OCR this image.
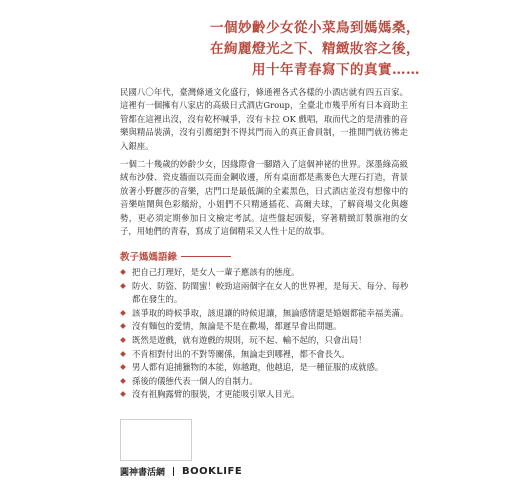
一個妙齡少女從小菜鳥到媽媽桑，
在絢麗燈光之下、精緻妝容之後，
用十年青春寫下的真實……

民國八〇年代，臺灣條通文化盛行，條通裡各式各樣的小酒店就有四五百家。這裡有一個擁有八家店的高級日式酒店Group，全臺北市幾乎所有日本商助主管都在這裡出沒，沒有乾杯喊爭，沒有卡拉 OK 戲唱，取而代之的是清雅的音樂與精品裝潢，沒有引薦絕對不得其門而入的真正會員制，一推開門就彷彿走入銀座。

一個二十幾歲的妙齡少女，因緣際會一腳踏入了這個神祕的世界。深墨綠高級絨布沙發、瓷皮牆面以亮面金鋼收邊，所有桌面都是燕麥色大理石打造，背景放著小野麗莎的音樂，店門口是最低調的全素黑色，日式酒店並沒有想像中的音樂喧鬧與色彩繽紛，小姐們不只精通插花、高爾夫球，了解商場文化與趨勢，更必須定期參加日文檢定考試。這些盤起頭髮，穿著精緻訂製旗袍的女子，用她們的青春，寫成了這個精采又人性十足的故事。

教子媽媽語錄
把自己打理好，是女人一輩子應該有的態度。
防火、防盜、防閨蜜！較勁這兩個字在女人的世界裡，是每天、每分、每秒都在發生的。
該爭取的時候爭取，該退讓的時候退讓，無論感情還是婚姻都能幸福美滿。
沒有麵包的愛情，無論是不是在歡場，都遲早會出問題。
既然是遊戲，就有遊戲的規則，玩不起、輸不起的，只會出局！
不肯相對付出的不對等關係，無論走到哪裡，都不會長久。
男人都有追捕獵物的本能，妳越跑，他越追，是一種征服的成就感。
孫後的儀態代表一個人的自制力。
沒有祖胸露臂的服裝，才更能吸引眾人目光。
圓神書活網 BOOKLIFE
